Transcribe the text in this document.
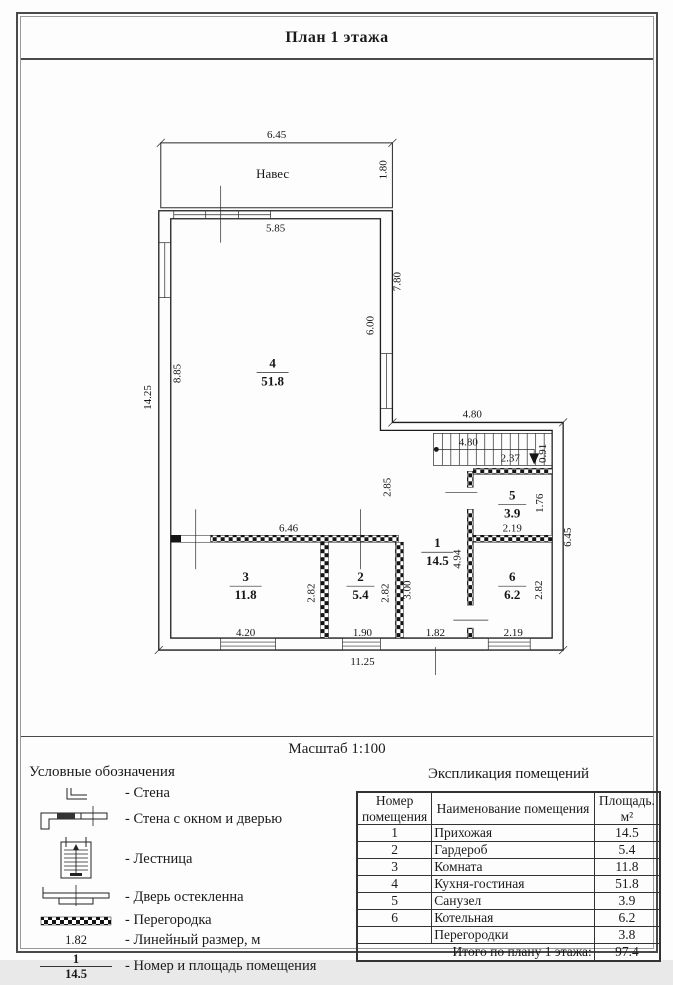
План 1 этажа
Навес
6.45
1.80
5.85
14.25
8.85
7.80
6.00
2.85
0.91
1.76
6.45
4.94
2.82	2.82 3.00	2.82
4.80
4.80
2.37
2.19
6.46
4.20	1.90	1.82	2.19
11.25
4
51.8
5
3.9
1
14.5
3
11.8
2
5.4
6
6.2
Масштаб 1:100
Условные обозначения
- Стена
- Стена с окном и дверью
- Лестница
- Дверь остекленна
- Перегородка
1.82	- Линейный размер, м
$\frac{1}{14.5}$ - Номер и площадь помещения
Экспликация помещений
Номер
помещения	Наименование помещения	Площадь.
м²
1	Прихожая	14.5
2	Гардероб	5.4
3	Комната	11.8
4	Кухня-гостиная	51.8
5	Санузел	3.9
6	Котельная	6.2
	Перегородки	3.8
Итого по плану 1 этажа:		97.4
